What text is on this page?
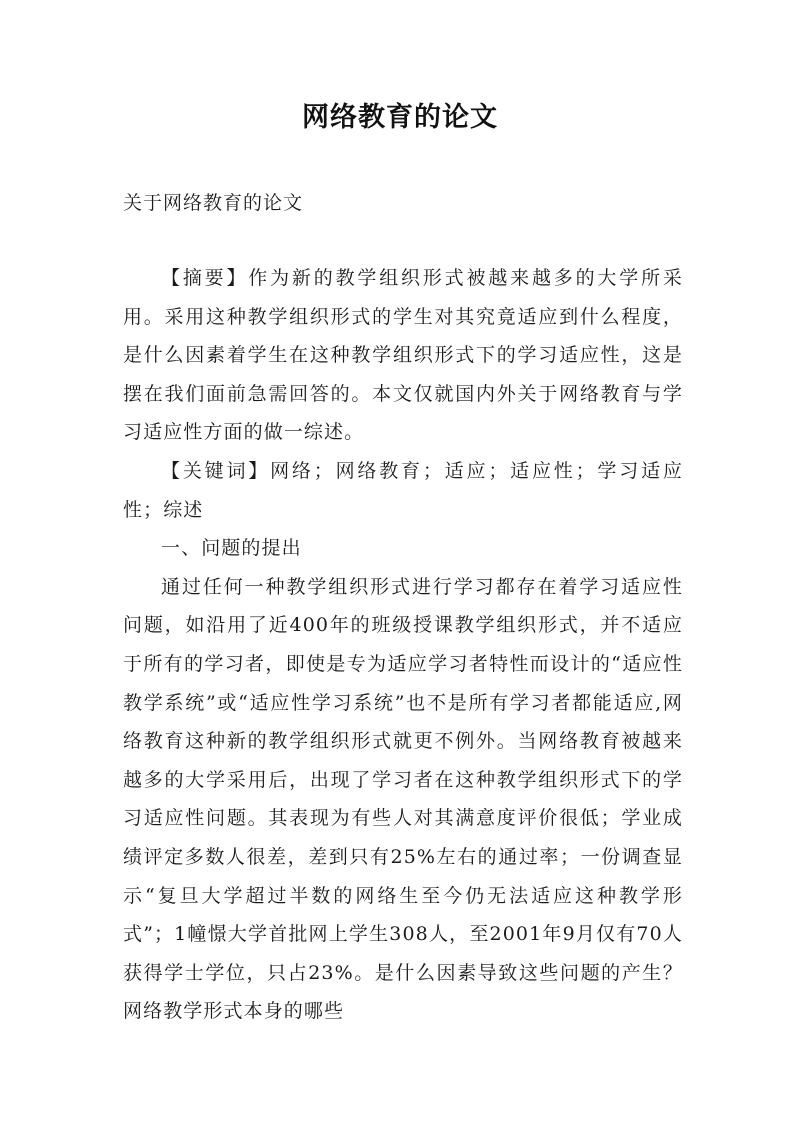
网络教育的论文
关于网络教育的论文

【摘要】作为新的教学组织形式被越来越多的大学所采用。采用这种教学组织形式的学生对其究竟适应到什么程度，是什么因素着学生在这种教学组织形式下的学习适应性，这是摆在我们面前急需回答的。本文仅就国内外关于网络教育与学习适应性方面的做一综述。

【关键词】网络；网络教育；适应；适应性；学习适应性；综述

一、问题的提出

通过任何一种教学组织形式进行学习都存在着学习适应性问题，如沿用了近400年的班级授课教学组织形式，并不适应于所有的学习者，即使是专为适应学习者特性而设计的“适应性教学系统”或“适应性学习系统”也不是所有学习者都能适应,网络教育这种新的教学组织形式就更不例外。当网络教育被越来越多的大学采用后，出现了学习者在这种教学组织形式下的学习适应性问题。其表现为有些人对其满意度评价很低；学业成绩评定多数人很差，差到只有25%左右的通过率；一份调查显示“复旦大学超过半数的网络生至今仍无法适应这种教学形式”；1幢憬大学首批网上学生308人，至2001年9月仅有70人获得学士学位，只占23%。是什么因素导致这些问题的产生？网络教学形式本身的哪些
